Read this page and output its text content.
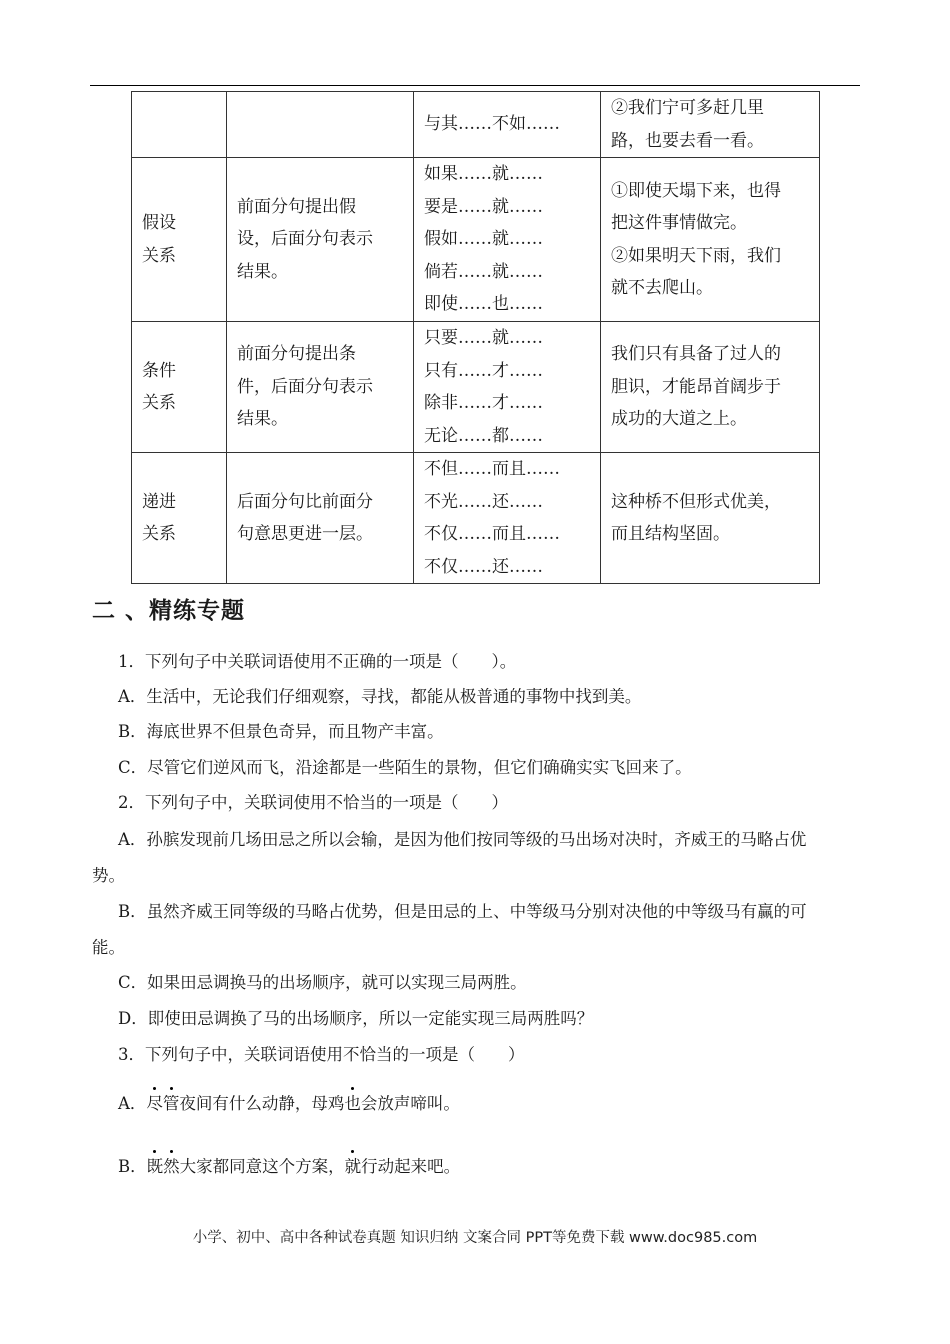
		与其……不如……	②我们宁可多赶几里
路，也要去看一看。

假设
关系	前面分句提出假
设，后面分句表示
结果。	如果……就……
要是……就……
假如……就……
倘若……就……
即使……也……	①即使天塌下来，也得
把这件事情做完。
②如果明天下雨，我们
就不去爬山。

条件
关系	前面分句提出条
件，后面分句表示
结果。	只要……就……
只有……才……
除非……才……
无论……都……	我们只有具备了过人的
胆识，才能昂首阔步于
成功的大道之上。

递进
关系	后面分句比前面分
句意思更进一层。	不但……而且……
不光……还……
不仅……而且……
不仅……还……	这种桥不但形式优美，
而且结构坚固。
二 、精练专题
1．下列句子中关联词语使用不正确的一项是（　　）。
A．生活中，无论我们仔细观察，寻找，都能从极普通的事物中找到美。
B．海底世界不但景色奇异，而且物产丰富。
C．尽管它们逆风而飞，沿途都是一些陌生的景物，但它们确确实实飞回来了。
2．下列句子中，关联词使用不恰当的一项是（　　）
A．孙膑发现前几场田忌之所以会输，是因为他们按同等级的马出场对决时，齐威王的马略占优
势。
B．虽然齐威王同等级的马略占优势，但是田忌的上、中等级马分别对决他的中等级马有赢的可
能。
C．如果田忌调换马的出场顺序，就可以实现三局两胜。
D．即使田忌调换了马的出场顺序，所以一定能实现三局两胜吗？
3．下列句子中，关联词语使用不恰当的一项是（　　）
A．尽管夜间有什么动静，母鸡也会放声啼叫。
B．既然大家都同意这个方案，就行动起来吧。
小学、初中、高中各种试卷真题 知识归纳 文案合同 PPT等免费下载 www.doc985.com
